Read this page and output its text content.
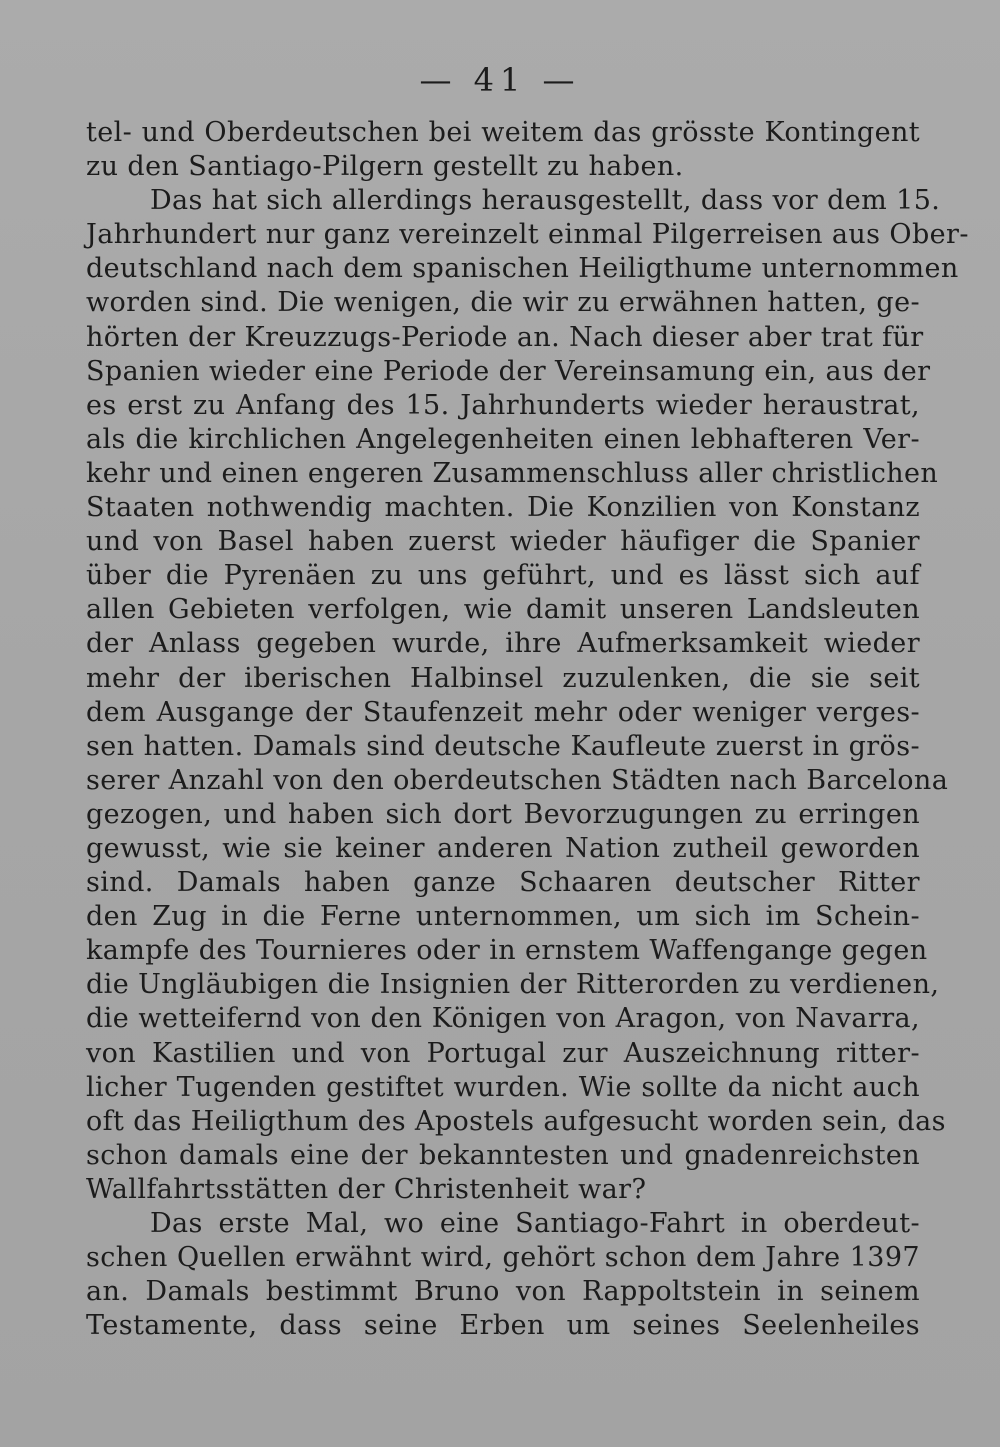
— 41 —
tel- und Oberdeutschen bei weitem das grösste Kontingent
zu den Santiago-Pilgern gestellt zu haben.
Das hat sich allerdings herausgestellt, dass vor dem 15.
Jahrhundert nur ganz vereinzelt einmal Pilgerreisen aus Ober-
deutschland nach dem spanischen Heiligthume unternommen
worden sind. Die wenigen, die wir zu erwähnen hatten, ge-
hörten der Kreuzzugs-Periode an. Nach dieser aber trat für
Spanien wieder eine Periode der Vereinsamung ein, aus der
es erst zu Anfang des 15. Jahrhunderts wieder heraustrat,
als die kirchlichen Angelegenheiten einen lebhafteren Ver-
kehr und einen engeren Zusammenschluss aller christlichen
Staaten nothwendig machten. Die Konzilien von Konstanz
und von Basel haben zuerst wieder häufiger die Spanier
über die Pyrenäen zu uns geführt, und es lässt sich auf
allen Gebieten verfolgen, wie damit unseren Landsleuten
der Anlass gegeben wurde, ihre Aufmerksamkeit wieder
mehr der iberischen Halbinsel zuzulenken, die sie seit
dem Ausgange der Staufenzeit mehr oder weniger verges-
sen hatten. Damals sind deutsche Kaufleute zuerst in grös-
serer Anzahl von den oberdeutschen Städten nach Barcelona
gezogen, und haben sich dort Bevorzugungen zu erringen
gewusst, wie sie keiner anderen Nation zutheil geworden
sind. Damals haben ganze Schaaren deutscher Ritter
den Zug in die Ferne unternommen, um sich im Schein-
kampfe des Tournieres oder in ernstem Waffengange gegen
die Ungläubigen die Insignien der Ritterorden zu verdienen,
die wetteifernd von den Königen von Aragon, von Navarra,
von Kastilien und von Portugal zur Auszeichnung ritter-
licher Tugenden gestiftet wurden. Wie sollte da nicht auch
oft das Heiligthum des Apostels aufgesucht worden sein, das
schon damals eine der bekanntesten und gnadenreichsten
Wallfahrtsstätten der Christenheit war?
Das erste Mal, wo eine Santiago-Fahrt in oberdeut-
schen Quellen erwähnt wird, gehört schon dem Jahre 1397
an. Damals bestimmt Bruno von Rappoltstein in seinem
Testamente, dass seine Erben um seines Seelenheiles
